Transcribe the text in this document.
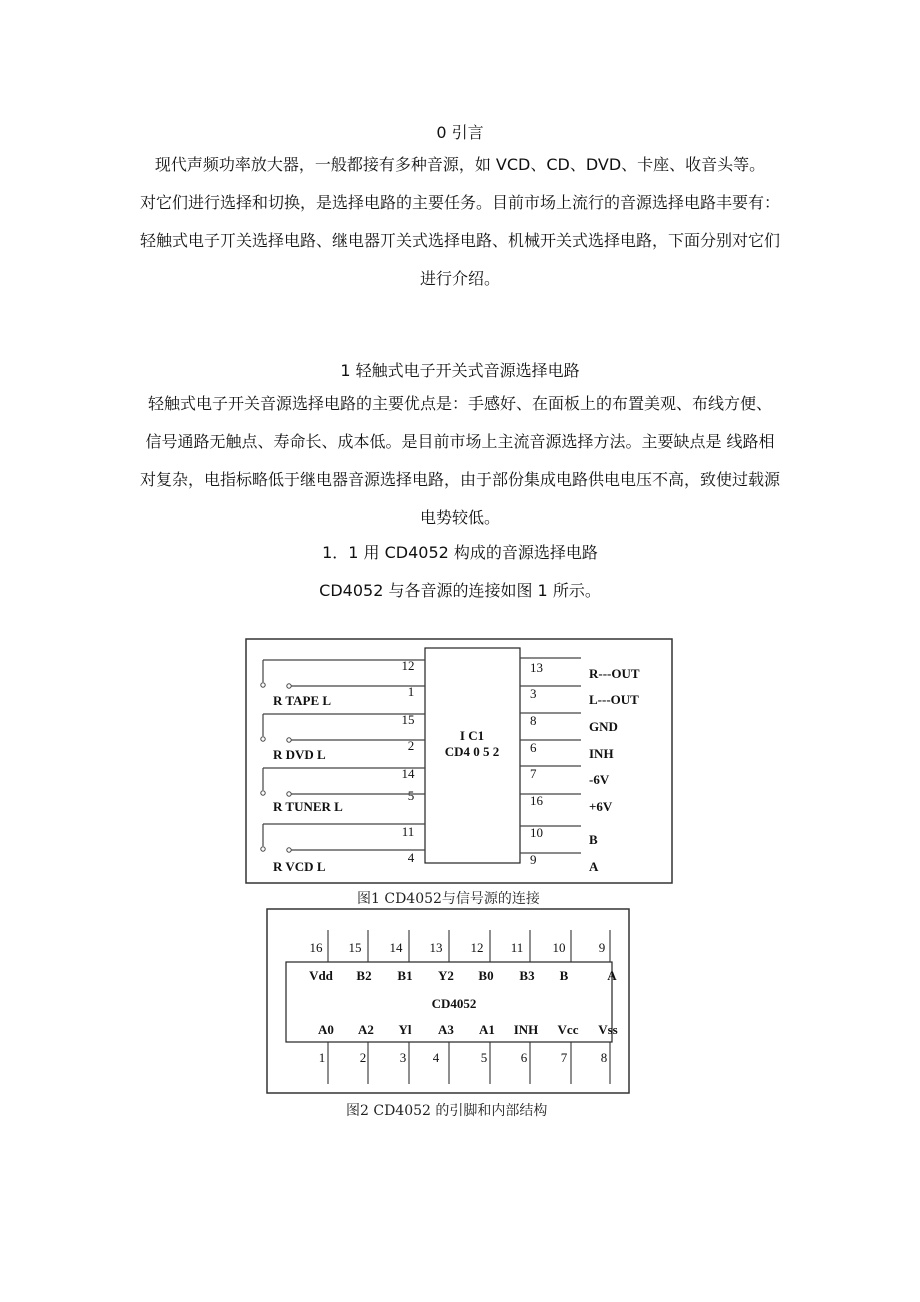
0 引言

现代声频功率放大器，一般都接有多种音源，如 VCD、CD、DVD、卡座、收音头等。
对它们进行选择和切换，是选择电路的主要任务。目前市场上流行的音源选择电路丰要有：
轻触式电子丌关选择电路、继电器丌关式选择电路、机械开关式选择电路，下面分别对它们
进行介绍。

1 轻触式电子开关式音源选择电路

轻触式电子开关音源选择电路的主要优点是：手感好、在面板上的布置美观、布线方便、
信号通路无触点、寿命长、成本低。是目前市场上主流音源选择方法。主要缺点是 线路相
对复杂，电指标略低于继电器音源选择电路，由于部份集成电路供电电压不高，致使过载源
电势较低。

1．1 用 CD4052 构成的音源选择电路

CD4052 与各音源的连接如图 1 所示。

I C1
CD4 0 5 2
12
1
15
2
14
5
11
4
R TAPE L
R DVD L
R TUNER L
R VCD L
13
3
8
6
7
16
10
9
R---OUT
L---OUT
GND
INH
-6V
+6V
B
A

图1 CD4052与信号源的连接

16 15 14 13 12 11 10	9
Vdd B2 B1 Y2 B0 B3 B	A
CD4052
A0 A2 Yl A3 A1 INH Vcc Vss
1	2	3 4	5	6	7	8

图2 CD4052 的引脚和内部结构
